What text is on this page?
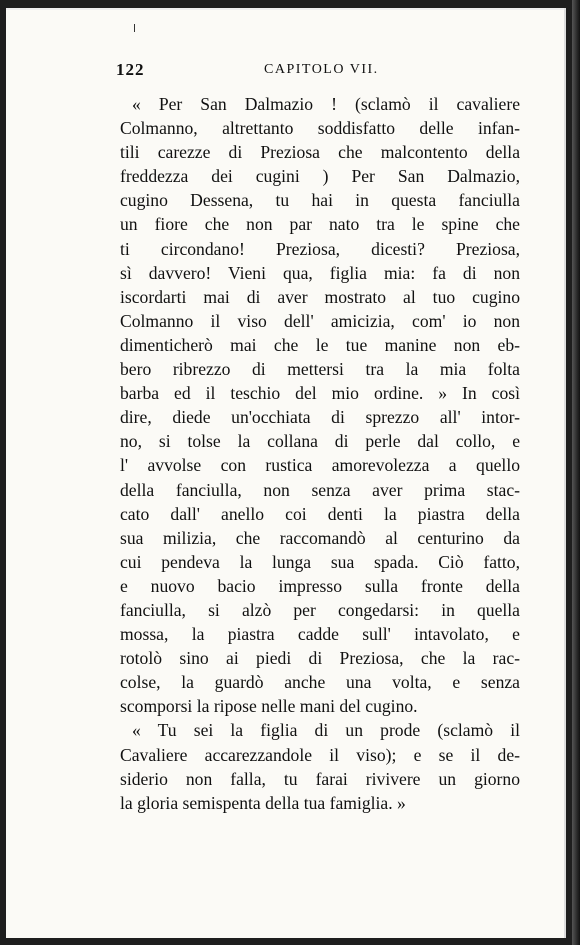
122	CAPITOLO VII.
« Per San Dalmazio ! (sclamò il cavaliere
Colmanno, altrettanto soddisfatto delle infan-
tili carezze di Preziosa che malcontento della
freddezza dei cugini ) Per San Dalmazio,
cugino Dessena, tu hai in questa fanciulla
un fiore che non par nato tra le spine che
ti circondano! Preziosa, dicesti? Preziosa,
sì davvero! Vieni qua, figlia mia: fa di non
iscordarti mai di aver mostrato al tuo cugino
Colmanno il viso dell' amicizia, com' io non
dimenticherò mai che le tue manine non eb-
bero ribrezzo di mettersi tra la mia folta
barba ed il teschio del mio ordine. » In così
dire, diede un'occhiata di sprezzo all' intor-
no, si tolse la collana di perle dal collo, e
l' avvolse con rustica amorevolezza a quello
della fanciulla, non senza aver prima stac-
cato dall' anello coi denti la piastra della
sua milizia, che raccomandò al centurino da
cui pendeva la lunga sua spada. Ciò fatto,
e nuovo bacio impresso sulla fronte della
fanciulla, si alzò per congedarsi: in quella
mossa, la piastra cadde sull' intavolato, e
rotolò sino ai piedi di Preziosa, che la rac-
colse, la guardò anche una volta, e senza
scomporsi la ripose nelle mani del cugino.
« Tu sei la figlia di un prode (sclamò il
Cavaliere accarezzandole il viso); e se il de-
siderio non falla, tu farai rivivere un giorno
la gloria semispenta della tua famiglia. »
